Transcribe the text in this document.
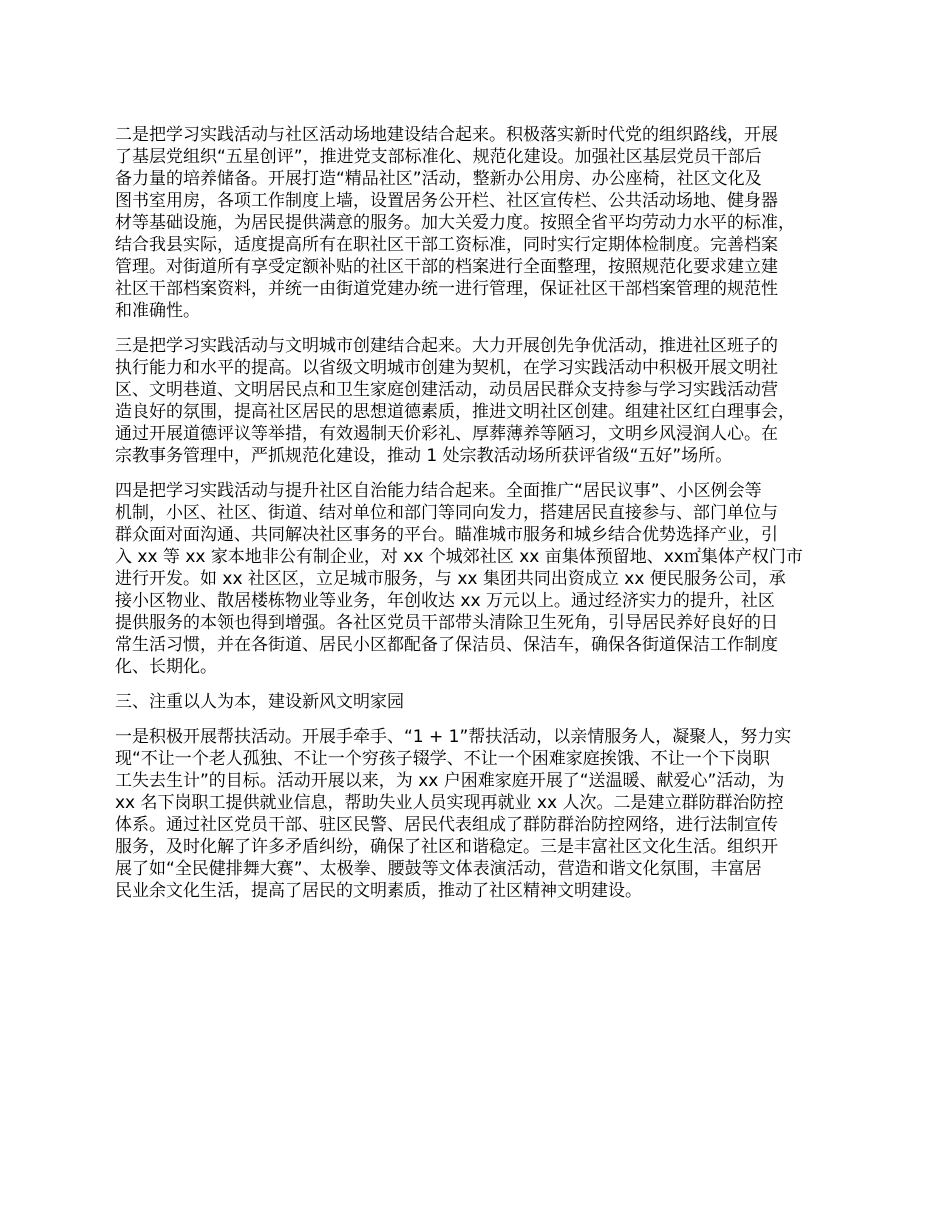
二是把学习实践活动与社区活动场地建设结合起来。积极落实新时代党的组织路线，开展
了基层党组织“五星创评”，推进党支部标准化、规范化建设。加强社区基层党员干部后
备力量的培养储备。开展打造“精品社区”活动，整新办公用房、办公座椅，社区文化及
图书室用房，各项工作制度上墙，设置居务公开栏、社区宣传栏、公共活动场地、健身器
材等基础设施，为居民提供满意的服务。加大关爱力度。按照全省平均劳动力水平的标准，
结合我县实际，适度提高所有在职社区干部工资标准，同时实行定期体检制度。完善档案
管理。对街道所有享受定额补贴的社区干部的档案进行全面整理，按照规范化要求建立建
社区干部档案资料，并统一由街道党建办统一进行管理，保证社区干部档案管理的规范性
和准确性。
三是把学习实践活动与文明城市创建结合起来。大力开展创先争优活动，推进社区班子的
执行能力和水平的提高。以省级文明城市创建为契机，在学习实践活动中积极开展文明社
区、文明巷道、文明居民点和卫生家庭创建活动，动员居民群众支持参与学习实践活动营
造良好的氛围，提高社区居民的思想道德素质，推进文明社区创建。组建社区红白理事会，
通过开展道德评议等举措，有效遏制天价彩礼、厚葬薄养等陋习，文明乡风浸润人心。在
宗教事务管理中，严抓规范化建设，推动 1 处宗教活动场所获评省级“五好”场所。
四是把学习实践活动与提升社区自治能力结合起来。全面推广“居民议事”、小区例会等
机制，小区、社区、街道、结对单位和部门等同向发力，搭建居民直接参与、部门单位与
群众面对面沟通、共同解决社区事务的平台。瞄准城市服务和城乡结合优势选择产业，引
入 xx 等 xx 家本地非公有制企业，对 xx 个城郊社区 xx 亩集体预留地、xx㎡集体产权门市
进行开发。如 xx 社区区，立足城市服务，与 xx 集团共同出资成立 xx 便民服务公司，承
接小区物业、散居楼栋物业等业务，年创收达 xx 万元以上。通过经济实力的提升，社区
提供服务的本领也得到增强。各社区党员干部带头清除卫生死角，引导居民养好良好的日
常生活习惯，并在各街道、居民小区都配备了保洁员、保洁车，确保各街道保洁工作制度
化、长期化。
三、注重以人为本，建设新风文明家园
一是积极开展帮扶活动。开展手牵手、“1 + 1”帮扶活动，以亲情服务人，凝聚人，努力实
现“不让一个老人孤独、不让一个穷孩子辍学、不让一个困难家庭挨饿、不让一个下岗职
工失去生计”的目标。活动开展以来，为 xx 户困难家庭开展了“送温暖、献爱心”活动，为
xx 名下岗职工提供就业信息，帮助失业人员实现再就业 xx 人次。二是建立群防群治防控
体系。通过社区党员干部、驻区民警、居民代表组成了群防群治防控网络，进行法制宣传
服务，及时化解了许多矛盾纠纷，确保了社区和谐稳定。三是丰富社区文化生活。组织开
展了如“全民健排舞大赛”、太极拳、腰鼓等文体表演活动，营造和谐文化氛围，丰富居
民业余文化生活，提高了居民的文明素质，推动了社区精神文明建设。
